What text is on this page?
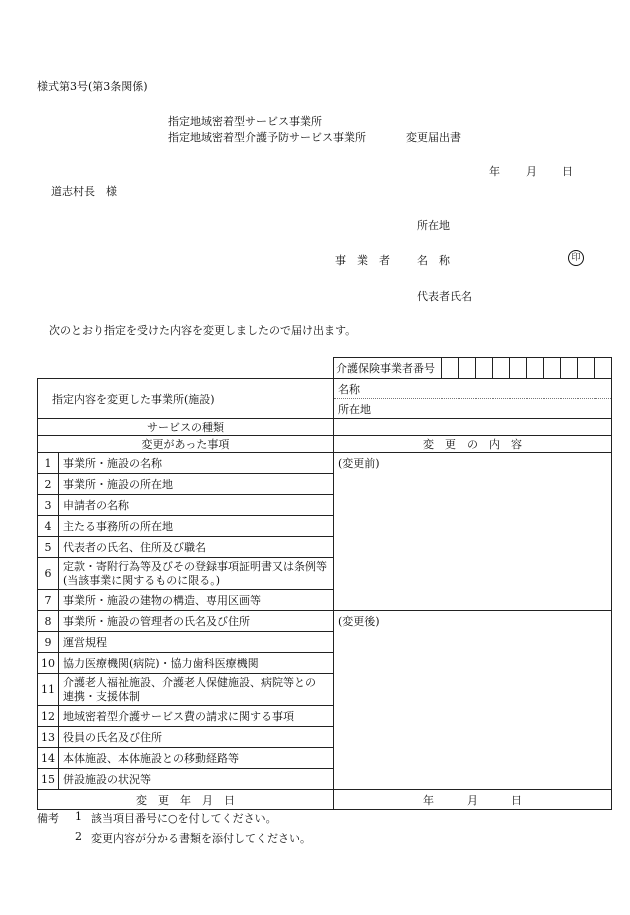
様式第3号(第3条関係)
指定地域密着型サービス事業所
指定地域密着型介護予防サービス事業所	変更届出書
年 月 日
道志村長　様
所在地
事　業　者 名　称	印
代表者氏名
次のとおり指定を受けた内容を変更しましたので届け出ます。
		介護保険事業者番号										
指定内容を変更した事業所(施設)		名称										
		所在地										
サービスの種類												
変更があった事項		変　更　の　内　容										
1	事業所・施設の名称	(変更前)										
2	事業所・施設の所在地											
3	申請者の名称											
4	主たる事務所の所在地											
5	代表者の氏名、住所及び職名											
6	定款・寄附行為等及びその登録事項証明書又は条例等
(当該事業に関するものに限る。)											
7	事業所・施設の建物の構造、専用区画等											
8	事業所・施設の管理者の氏名及び住所	(変更後)										
9	運営規程											
10	協力医療機関(病院)・協力歯科医療機関											
11	介護老人福祉施設、介護老人保健施設、病院等との
連携・支援体制											
12	地域密着型介護サービス費の請求に関する事項											
13	役員の氏名及び住所											
14	本体施設、本体施設との移動経路等											
15	併設施設の状況等											
変　更　年　月　日		年　　　月　　　日										
備考 1 該当項目番号に○を付してください。
2 変更内容が分かる書類を添付してください。
